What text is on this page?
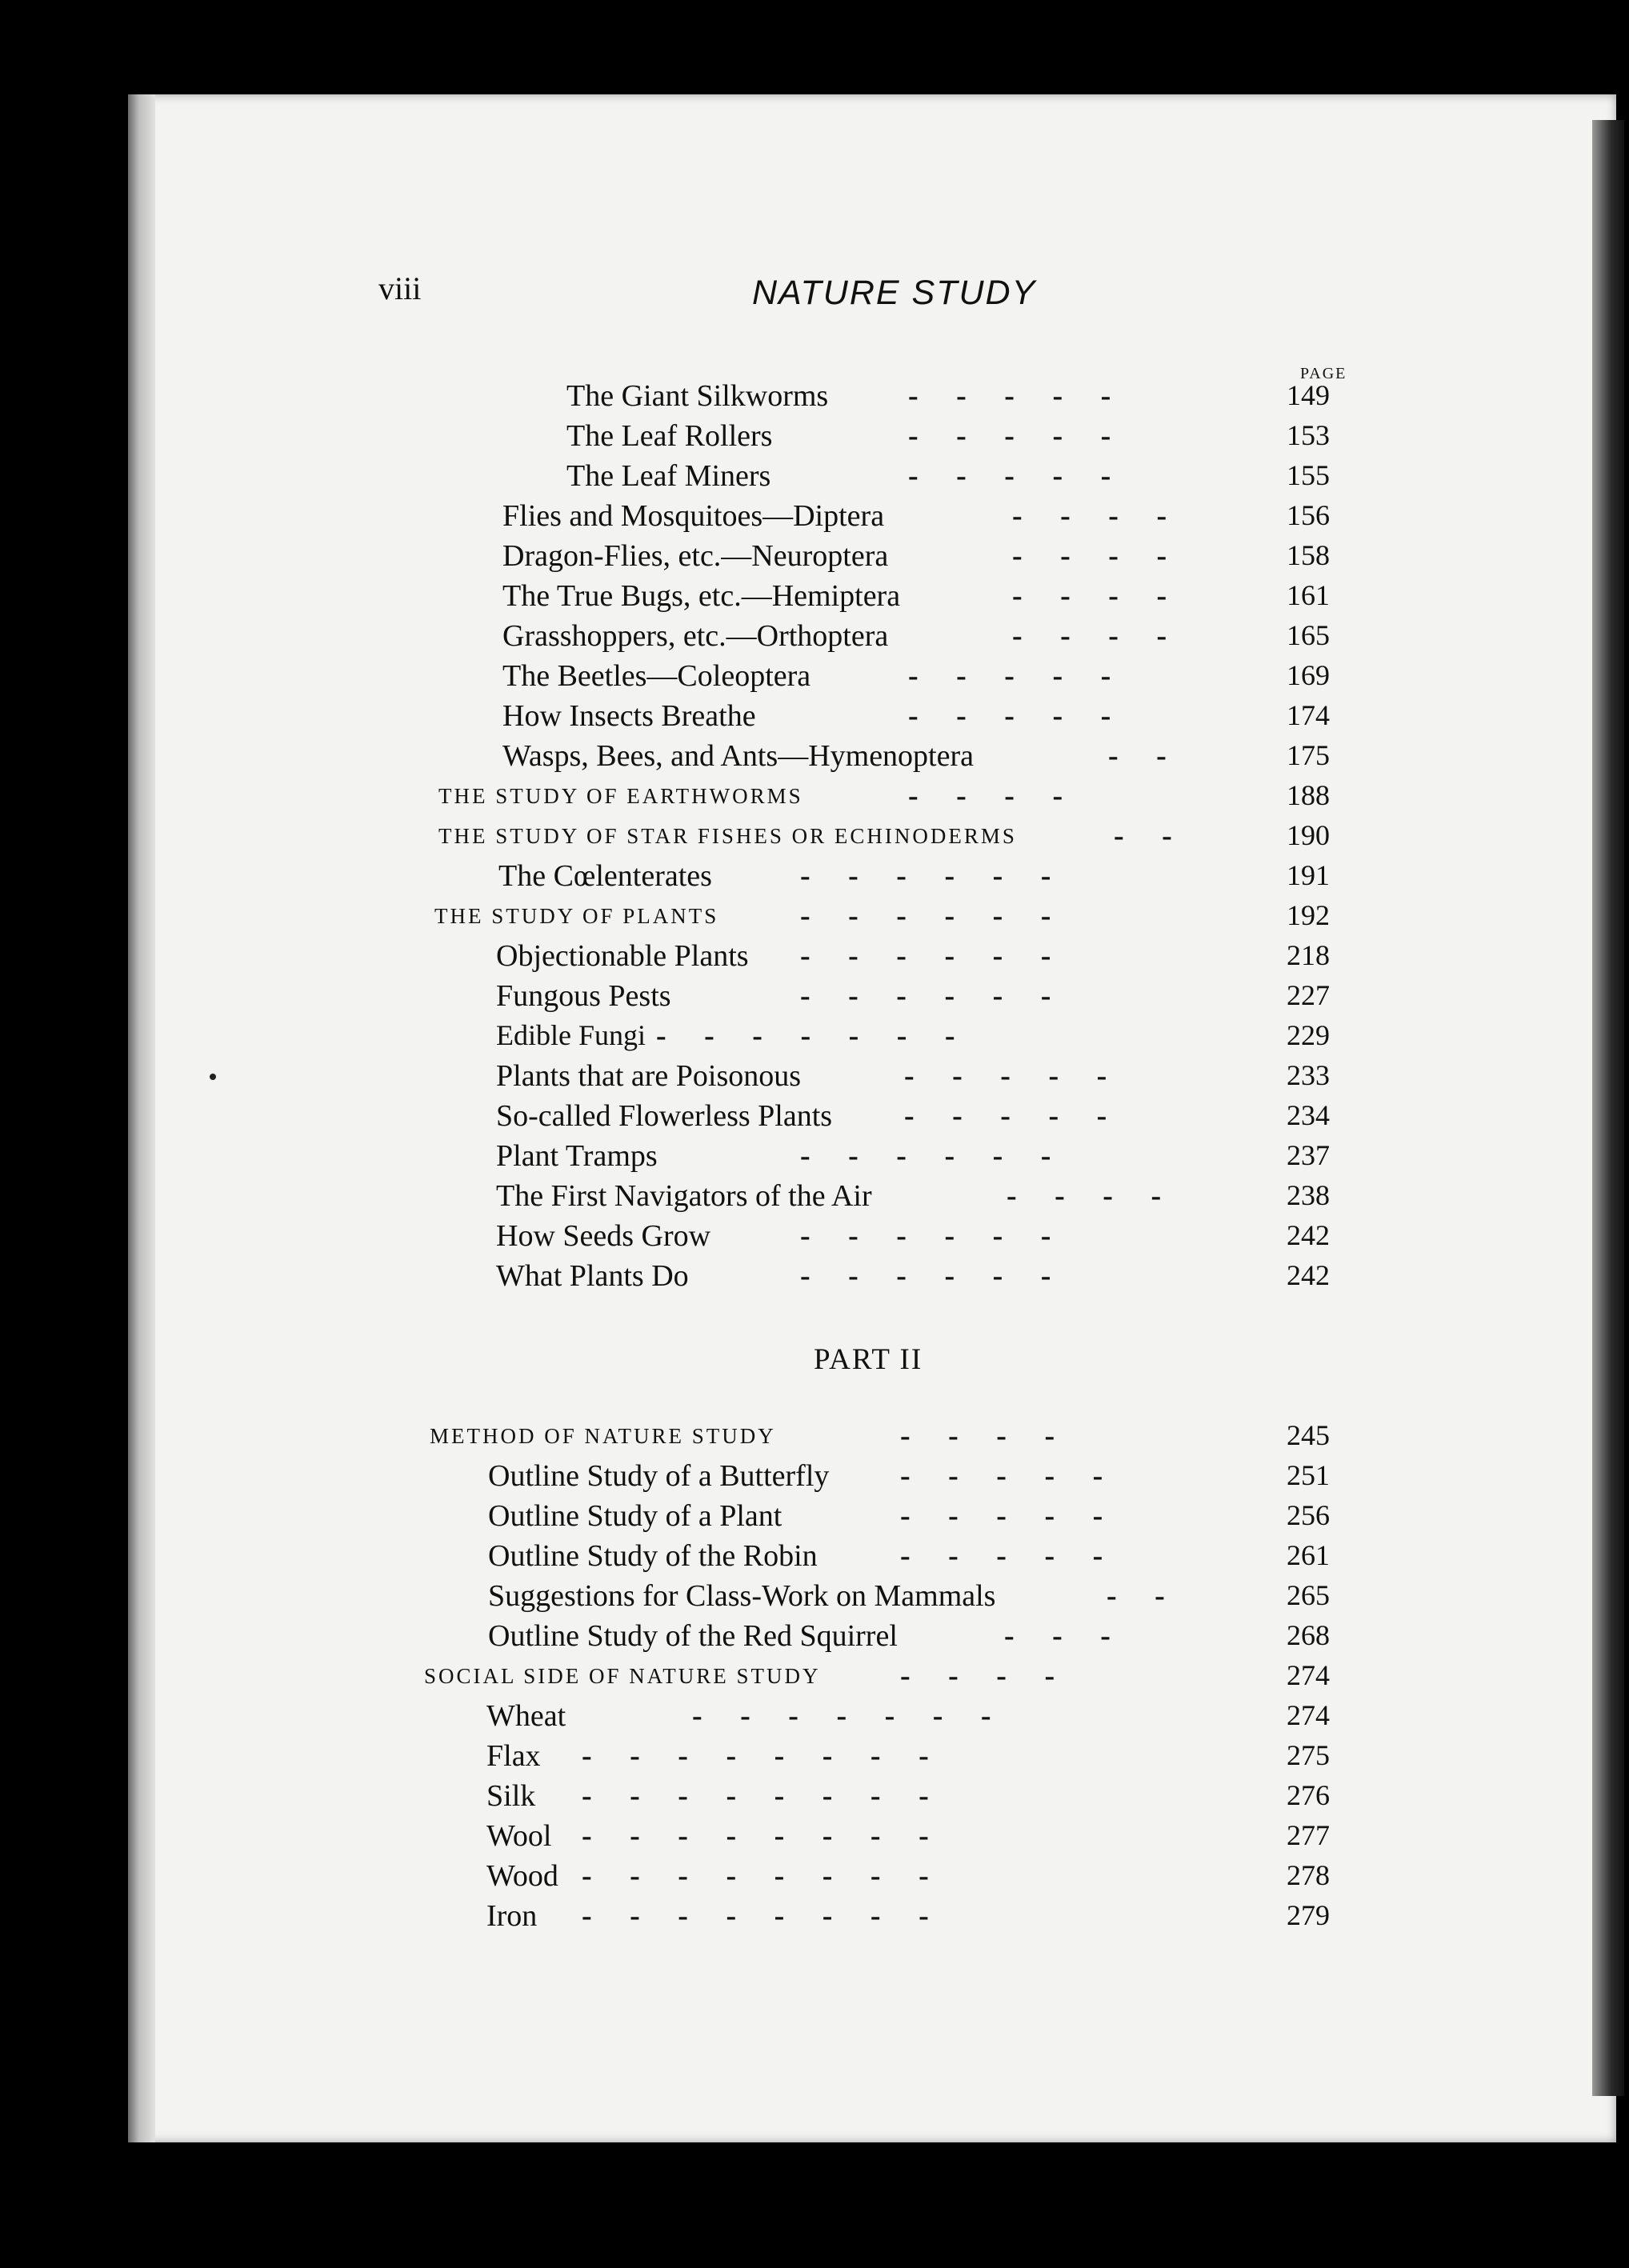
viii	NATURE STUDY
PAGE
The Giant Silkworms	-     -     -     -     -	149
The Leaf Rollers	-     -     -     -     -	153
The Leaf Miners	-     -     -     -     -	155
Flies and Mosquitoes—Diptera	-     -     -     -	156
Dragon-Flies, etc.—Neuroptera	-     -     -     -	158
The True Bugs, etc.—Hemiptera	-     -     -     -	161
Grasshoppers, etc.—Orthoptera	-     -     -     -	165
The Beetles—Coleoptera	-     -     -     -     -	169
How Insects Breathe	-     -     -     -     -	174
Wasps, Bees, and Ants—Hymenoptera	-     -	175
THE STUDY OF EARTHWORMS	-     -     -     -	188
THE STUDY OF STAR FISHES OR ECHINODERMS	-     -	190
The Cœlenterates	-     -     -     -     -     -	191
THE STUDY OF PLANTS	-     -     -     -     -     -	192
Objectionable Plants -     -     -     -     -     -	218
Fungous Pests	-     -     -     -     -     -	227
Edible Fungi -     -     -     -     -     -     -	229
Plants that are Poisonous	-     -     -     -     -	233
So-called Flowerless Plants -     -     -     -     -	234
Plant Tramps	-     -     -     -     -     -	237
The First Navigators of the Air	-     -     -     -	238
How Seeds Grow	-     -     -     -     -     -	242
What Plants Do	-     -     -     -     -     -	242
PART II
METHOD OF NATURE STUDY	-     -     -     -	245
Outline Study of a Butterfly -     -     -     -     -	251
Outline Study of a Plant	-     -     -     -     -	256
Outline Study of the Robin	-     -     -     -     -	261
Suggestions for Class-Work on Mammals	-     -	265
Outline Study of the Red Squirrel	-     -     -	268
SOCIAL SIDE OF NATURE STUDY	-     -     -     -	274
Wheat	-     -     -     -     -     -     -	274
Flax -     -     -     -     -     -     -     -	275
Silk -     -     -     -     -     -     -     -	276
Wool -     -     -     -     -     -     -     -	277
Wood -     -     -     -     -     -     -     -	278
Iron -     -     -     -     -     -     -     -	279
